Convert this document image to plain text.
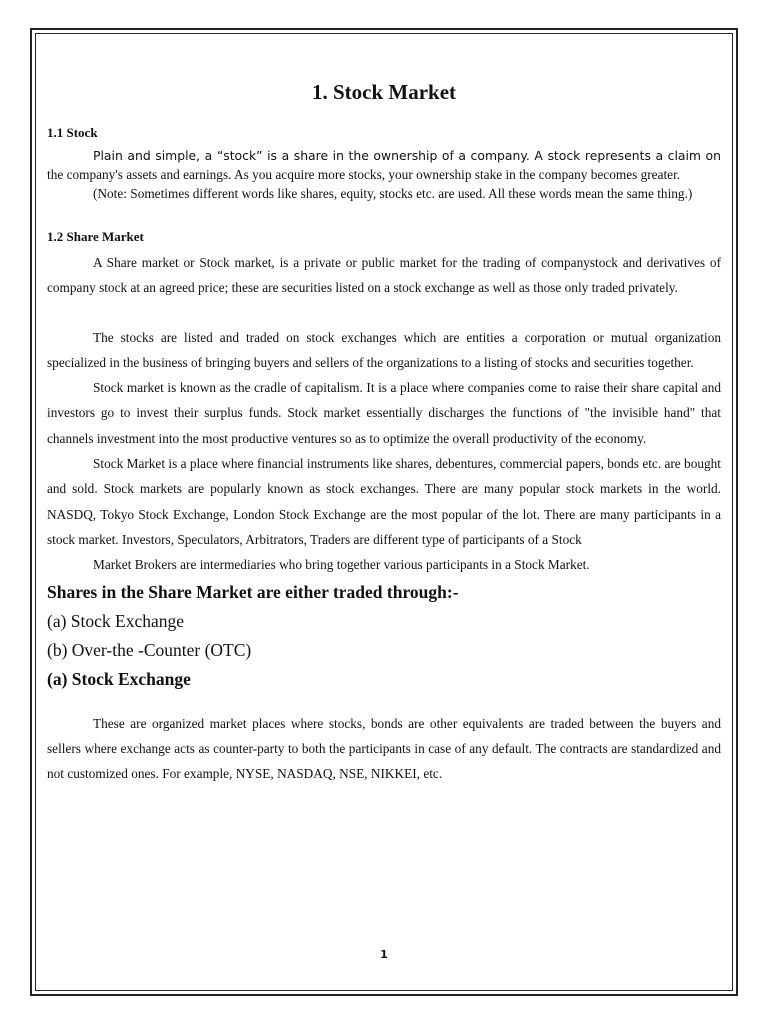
1. Stock Market
1.1 Stock

Plain and simple, a “stock” is a share in the ownership of a company. A stock represents a claim on the company's assets and earnings. As you acquire more stocks, your ownership stake in the company becomes greater.

(Note: Sometimes different words like shares, equity, stocks etc. are used. All these words mean the same thing.)

1.2 Share Market

A Share market or Stock market, is a private or public market for the trading of companystock and derivatives of company stock at an agreed price; these are securities listed on a stock exchange as well as those only traded privately.

The stocks are listed and traded on stock exchanges which are entities a corporation or mutual organization specialized in the business of bringing buyers and sellers of the organizations to a listing of stocks and securities together.

Stock market is known as the cradle of capitalism. It is a place where companies come to raise their share capital and investors go to invest their surplus funds. Stock market essentially discharges the functions of "the invisible hand" that channels investment into the most productive ventures so as to optimize the overall productivity of the economy.

Stock Market is a place where financial instruments like shares, debentures, commercial papers, bonds etc. are bought and sold. Stock markets are popularly known as stock exchanges. There are many popular stock markets in the world. NASDQ, Tokyo Stock Exchange, London Stock Exchange are the most popular of the lot. There are many participants in a stock market. Investors, Speculators, Arbitrators, Traders are different type of participants of a Stock

Market Brokers are intermediaries who bring together various participants in a Stock Market.

Shares in the Share Market are either traded through:-
(a) Stock Exchange
(b) Over-the -Counter (OTC)
(a) Stock Exchange

These are organized market places where stocks, bonds are other equivalents are traded between the buyers and sellers where exchange acts as counter-party to both the participants in case of any default. The contracts are standardized and not customized ones. For example, NYSE, NASDAQ, NSE, NIKKEI, etc.

1
